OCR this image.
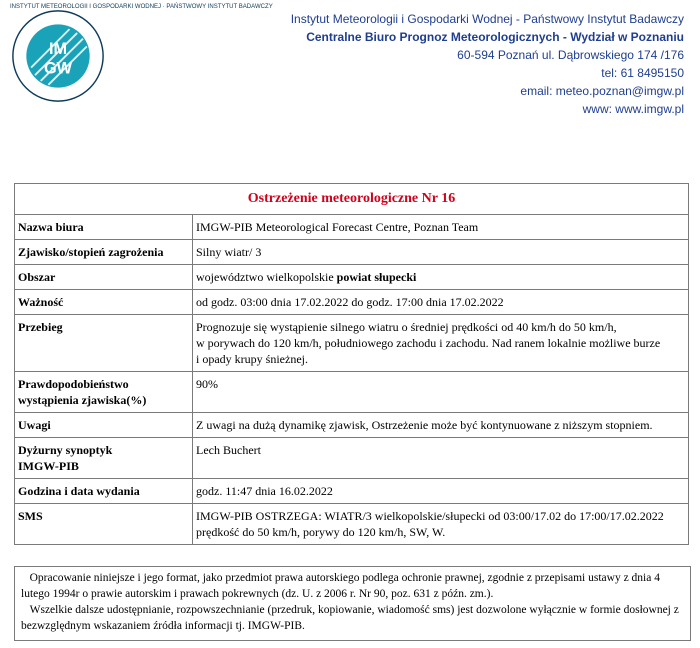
INSTYTUT METEOROLOGII I GOSPODARKI WODNEJ · PAŃSTWOWY INSTYTUT BADAWCZY
IM
GW
Instytut Meteorologii i Gospodarki Wodnej - Państwowy Instytut Badawczy
Centralne Biuro Prognoz Meteorologicznych - Wydział w Poznaniu
60-594 Poznań ul. Dąbrowskiego 174 /176
tel: 61 8495150
email: meteo.poznan@imgw.pl
www: www.imgw.pl
Ostrzeżenie meteorologiczne Nr 16	
Nazwa biura	IMGW-PIB Meteorological Forecast Centre, Poznan Team
Zjawisko/stopień zagrożenia	Silny wiatr/ 3
Obszar	województwo wielkopolskie powiat słupecki
Ważność	od godz. 03:00 dnia 17.02.2022 do godz. 17:00 dnia 17.02.2022
Przebieg	Prognozuje się wystąpienie silnego wiatru o średniej prędkości od 40 km/h do 50 km/h,
w porywach do 120 km/h, południowego zachodu i zachodu. Nad ranem lokalnie możliwe burze
i opady krupy śnieżnej.

Prawdopodobieństwo
wystąpienia zjawiska(%)	90%
Uwagi	Z uwagi na dużą dynamikę zjawisk, Ostrzeżenie może być kontynuowane z niższym stopniem.

Dyżurny synoptyk
IMGW-PIB	Lech Buchert
Godzina i data wydania	godz. 11:47 dnia 16.02.2022
SMS	IMGW-PIB OSTRZEGA: WIATR/3 wielkopolskie/słupecki od 03:00/17.02 do 17:00/17.02.2022
prędkość do 50 km/h, porywy do 120 km/h, SW, W.

Opracowanie niniejsze i jego format, jako przedmiot prawa autorskiego podlega ochronie prawnej, zgodnie z przepisami ustawy z dnia 4 lutego 1994r o prawie autorskim i prawach pokrewnych (dz. U. z 2006 r. Nr 90, poz. 631 z późn. zm.).

Wszelkie dalsze udostępnianie, rozpowszechnianie (przedruk, kopiowanie, wiadomość sms) jest dozwolone wyłącznie w formie dosłownej z bezwzględnym wskazaniem źródła informacji tj. IMGW-PIB.
